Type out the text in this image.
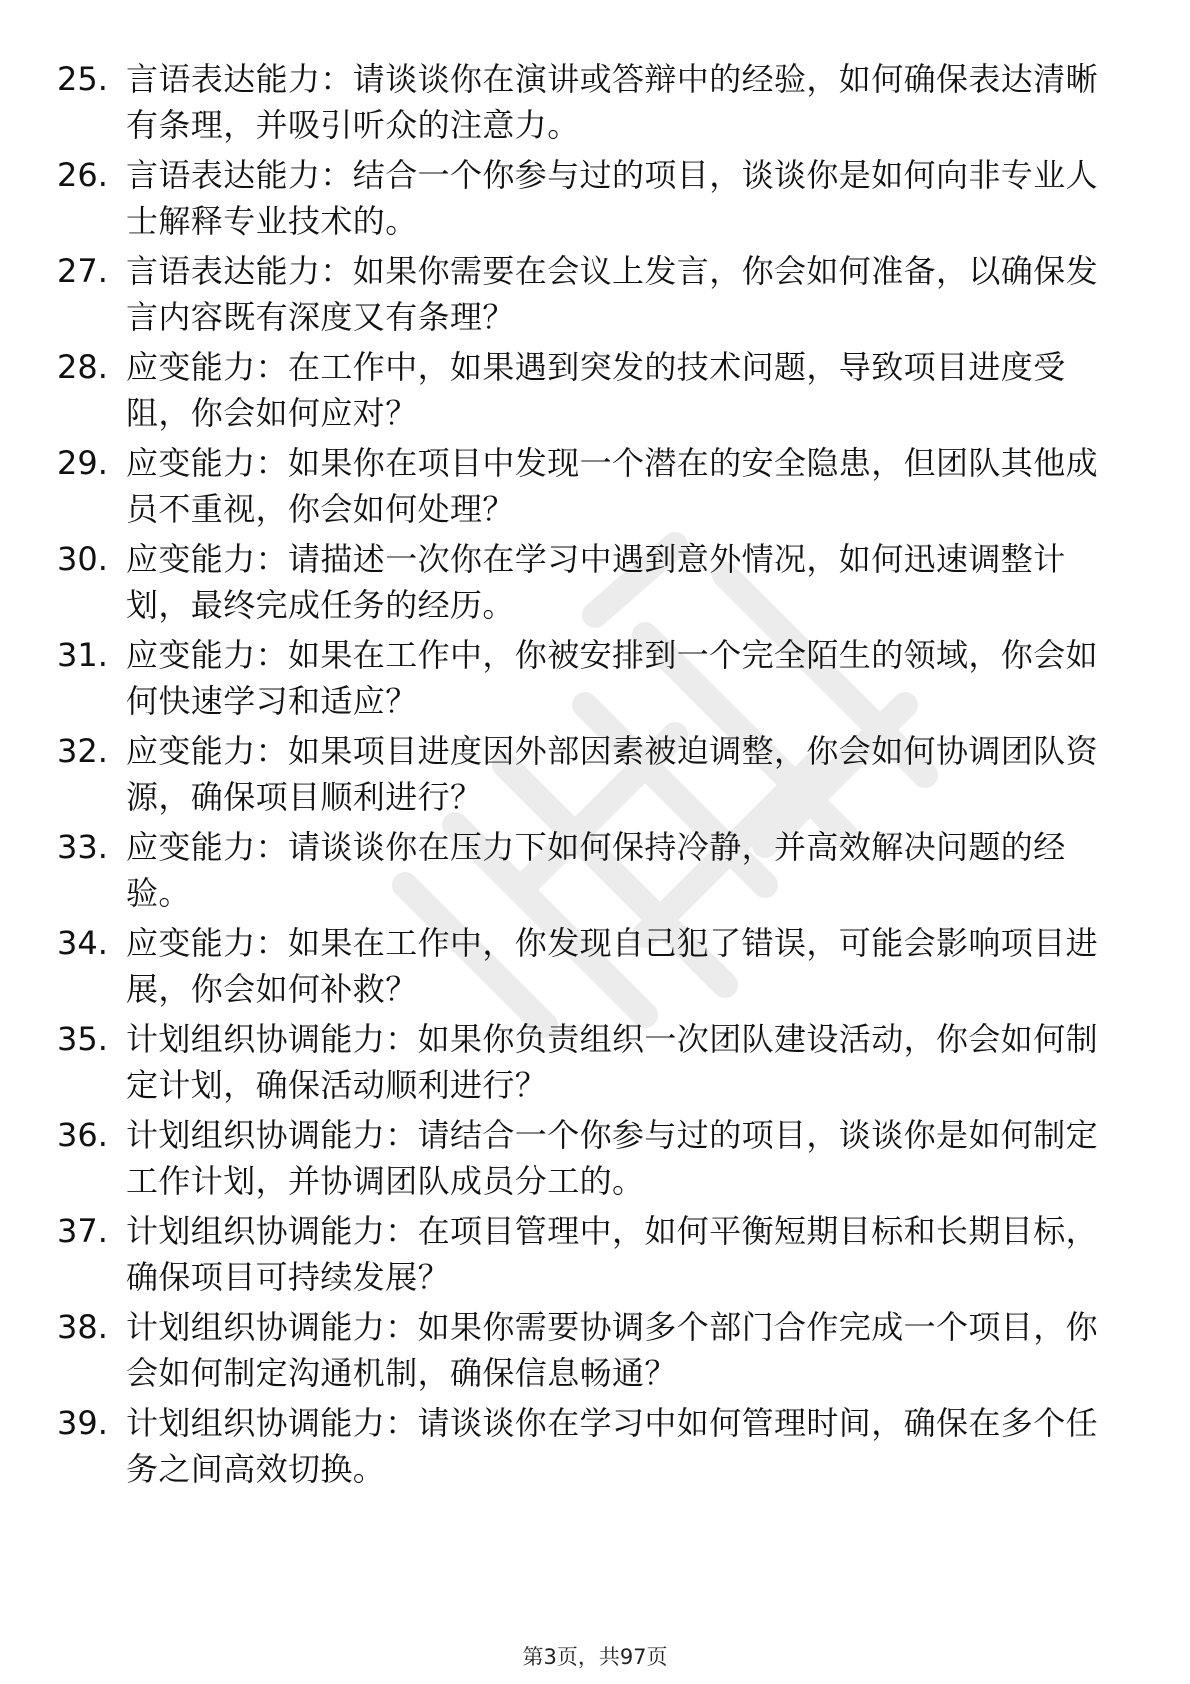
25. 言语表达能力：请谈谈你在演讲或答辩中的经验，如何确保表达清晰有条理，并吸引听众的注意力。
26. 言语表达能力：结合一个你参与过的项目，谈谈你是如何向非专业人士解释专业技术的。
27. 言语表达能力：如果你需要在会议上发言，你会如何准备，以确保发言内容既有深度又有条理？
28. 应变能力：在工作中，如果遇到突发的技术问题，导致项目进度受阻，你会如何应对？
29. 应变能力：如果你在项目中发现一个潜在的安全隐患，但团队其他成员不重视，你会如何处理？
30. 应变能力：请描述一次你在学习中遇到意外情况，如何迅速调整计划，最终完成任务的经历。
31. 应变能力：如果在工作中，你被安排到一个完全陌生的领域，你会如何快速学习和适应？
32. 应变能力：如果项目进度因外部因素被迫调整，你会如何协调团队资源，确保项目顺利进行？
33. 应变能力：请谈谈你在压力下如何保持冷静，并高效解决问题的经验。
34. 应变能力：如果在工作中，你发现自己犯了错误，可能会影响项目进展，你会如何补救？
35. 计划组织协调能力：如果你负责组织一次团队建设活动，你会如何制定计划，确保活动顺利进行？
36. 计划组织协调能力：请结合一个你参与过的项目，谈谈你是如何制定工作计划，并协调团队成员分工的。
37. 计划组织协调能力：在项目管理中，如何平衡短期目标和长期目标，确保项目可持续发展？
38. 计划组织协调能力：如果你需要协调多个部门合作完成一个项目，你会如何制定沟通机制，确保信息畅通？
39. 计划组织协调能力：请谈谈你在学习中如何管理时间，确保在多个任务之间高效切换。
第3页，共97页
